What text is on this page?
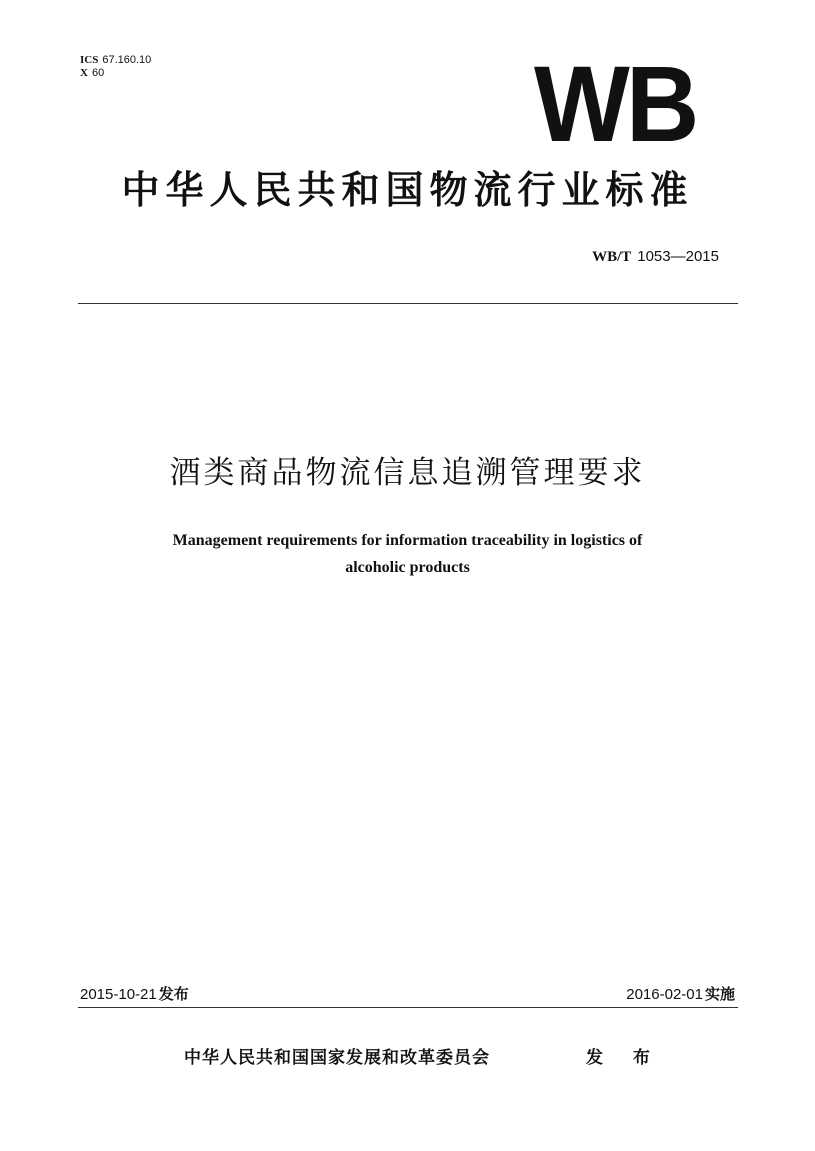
ICS 67.160.10
X 60	WB
中华人民共和国物流行业标准
WB/T 1053—2015
酒类商品物流信息追溯管理要求
Management requirements for information traceability in logistics of
alcoholic products
2015-10-21 发布	2016-02-01 实施
中华人民共和国国家发展和改革委员会	发 布
